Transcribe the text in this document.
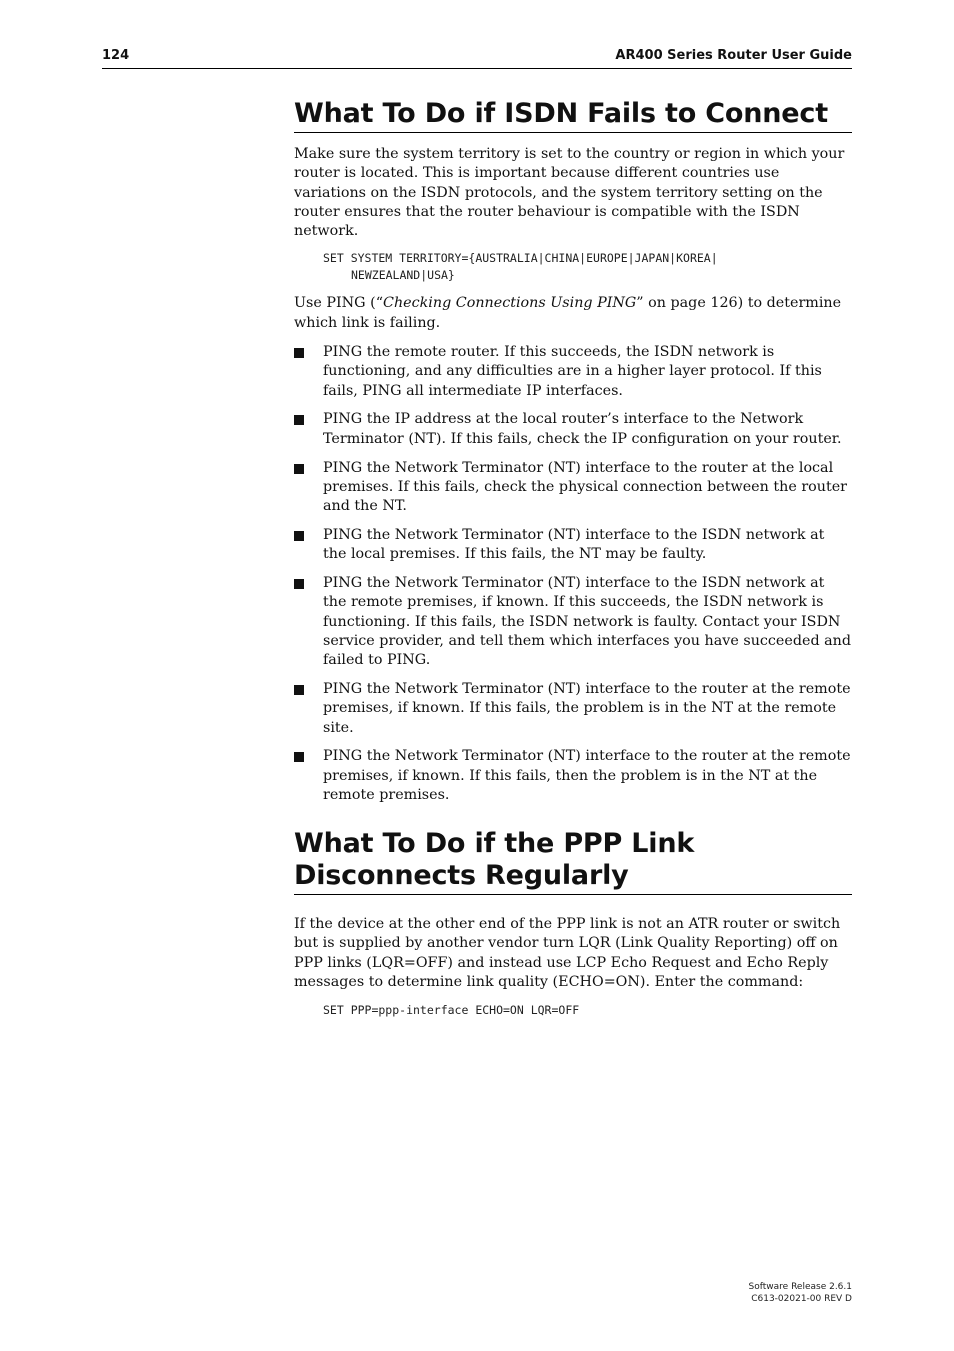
124	AR400 Series Router User Guide
What To Do if ISDN Fails to Connect

Make sure the system territory is set to the country or region in which your router is located. This is important because different countries use variations on the ISDN protocols, and the system territory setting on the router ensures that the router behaviour is compatible with the ISDN network.

SET SYSTEM TERRITORY={AUSTRALIA|CHINA|EUROPE|JAPAN|KOREA|
NEWZEALAND|USA}

Use PING (“Checking Connections Using PING” on page 126) to determine which link is failing.

PING the remote router. If this succeeds, the ISDN network is functioning, and any difficulties are in a higher layer protocol. If this fails, PING all intermediate IP interfaces.
PING the IP address at the local router’s interface to the Network Terminator (NT). If this fails, check the IP configuration on your router.
PING the Network Terminator (NT) interface to the router at the local premises. If this fails, check the physical connection between the router and the NT.
PING the Network Terminator (NT) interface to the ISDN network at the local premises. If this fails, the NT may be faulty.
PING the Network Terminator (NT) interface to the ISDN network at the remote premises, if known. If this succeeds, the ISDN network is functioning. If this fails, the ISDN network is faulty. Contact your ISDN service provider, and tell them which interfaces you have succeeded and failed to PING.
PING the Network Terminator (NT) interface to the router at the remote premises, if known. If this fails, the problem is in the NT at the remote site.
PING the Network Terminator (NT) interface to the router at the remote premises, if known. If this fails, then the problem is in the NT at the remote premises.
What To Do if the PPP Link Disconnects Regularly

If the device at the other end of the PPP link is not an ATR router or switch but is supplied by another vendor turn LQR (Link Quality Reporting) off on PPP links (LQR=OFF) and instead use LCP Echo Request and Echo Reply messages to determine link quality (ECHO=ON). Enter the command:

SET PPP=ppp-interface ECHO=ON LQR=OFF
Software Release 2.6.1
C613-02021-00 REV D
